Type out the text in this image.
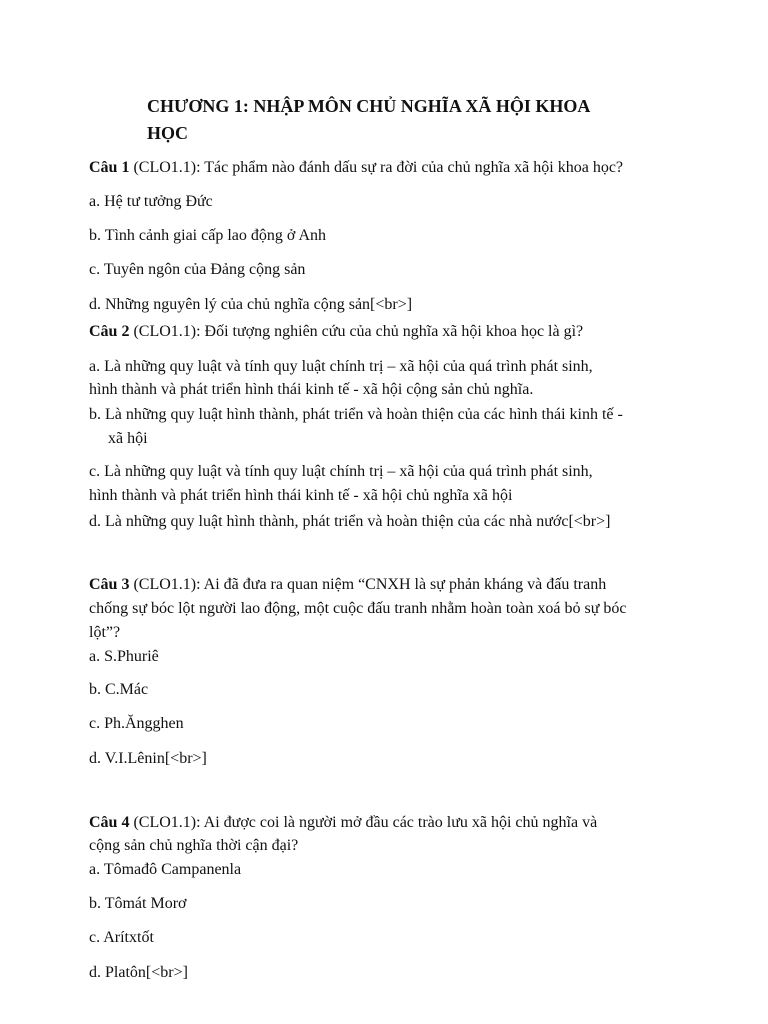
CHƯƠNG 1: NHẬP MÔN CHỦ NGHĨA XÃ HỘI KHOA
HỌC
Câu 1 (CLO1.1): Tác phẩm nào đánh dấu sự ra đời của chủ nghĩa xã hội khoa học?
a. Hệ tư tưởng Đức
b. Tình cảnh giai cấp lao động ở Anh
c. Tuyên ngôn của Đảng cộng sản
d. Những nguyên lý của chủ nghĩa cộng sản[<br>]
Câu 2 (CLO1.1): Đối tượng nghiên cứu của chủ nghĩa xã hội khoa học là gì?
a. Là những quy luật và tính quy luật chính trị – xã hội của quá trình phát sinh,
hình thành và phát triển hình thái kinh tế - xã hội cộng sản chủ nghĩa.
b. Là những quy luật hình thành, phát triển và hoàn thiện của các hình thái kinh tế -
xã hội
c. Là những quy luật và tính quy luật chính trị – xã hội của quá trình phát sinh,
hình thành và phát triển hình thái kinh tế - xã hội chủ nghĩa xã hội
d. Là những quy luật hình thành, phát triển và hoàn thiện của các nhà nước[<br>]
Câu 3 (CLO1.1): Ai đã đưa ra quan niệm “CNXH là sự phản kháng và đấu tranh
chống sự bóc lột người lao động, một cuộc đấu tranh nhằm hoàn toàn xoá bỏ sự bóc
lột”?
a. S.Phuriê
b. C.Mác
c. Ph.Ăngghen
d. V.I.Lênin[<br>]
Câu 4 (CLO1.1): Ai được coi là người mở đầu các trào lưu xã hội chủ nghĩa và
cộng sản chủ nghĩa thời cận đại?
a. Tômađô Campanenla
b. Tômát Morơ
c. Arítxtốt
d. Platôn[<br>]
